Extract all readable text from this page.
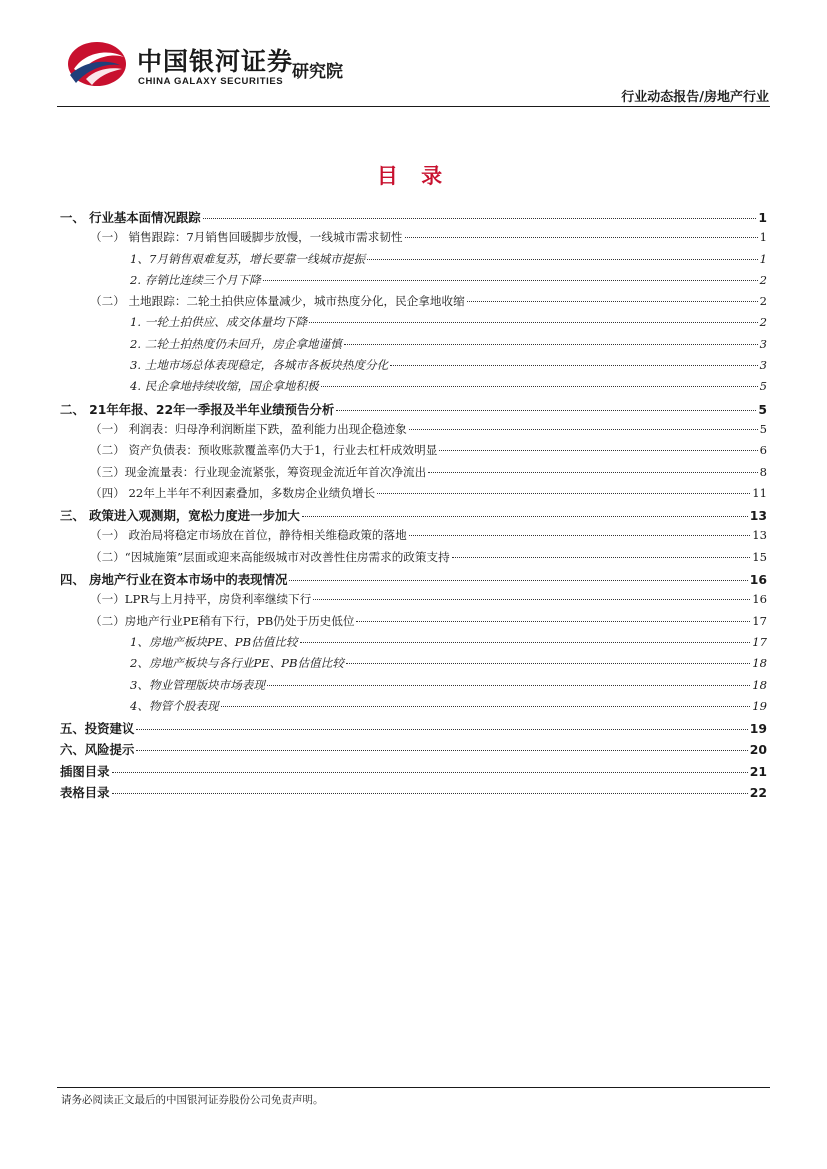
中国银河证券
CHINA GALAXY SECURITIES 研究院
行业动态报告/房地产行业
目 录
一、 行业基本面情况跟踪	1
（一） 销售跟踪：7月销售回暖脚步放慢，一线城市需求韧性	1
1、7月销售艰难复苏，增长要靠一线城市提振	1
2. 存销比连续三个月下降	2
（二） 土地跟踪：二轮土拍供应体量减少，城市热度分化，民企拿地收缩	2
1. 一轮土拍供应、成交体量均下降	2
2. 二轮土拍热度仍未回升，房企拿地谨慎	3
3. 土地市场总体表现稳定，各城市各板块热度分化	3
4. 民企拿地持续收缩，国企拿地积极	5
二、 21年年报、22年一季报及半年业绩预告分析	5
（一） 利润表：归母净利润断崖下跌，盈利能力出现企稳迹象	5
（二） 资产负债表：预收账款覆盖率仍大于1，行业去杠杆成效明显	6
（三）现金流量表：行业现金流紧张，筹资现金流近年首次净流出	8
（四） 22年上半年不利因素叠加，多数房企业绩负增长	11
三、 政策进入观测期，宽松力度进一步加大	13
（一） 政治局将稳定市场放在首位，静待相关维稳政策的落地	13
（二）“因城施策”层面或迎来高能级城市对改善性住房需求的政策支持	15
四、 房地产行业在资本市场中的表现情况	16
（一）LPR与上月持平，房贷利率继续下行	16
（二）房地产行业PE稍有下行，PB仍处于历史低位	17
1、房地产板块PE、PB估值比较	17
2、房地产板块与各行业PE、PB估值比较	18
3、物业管理版块市场表现	18
4、物管个股表现	19
五、投资建议	19
六、风险提示	20
插图目录	21
表格目录	22
请务必阅读正文最后的中国银河证券股份公司免责声明。
